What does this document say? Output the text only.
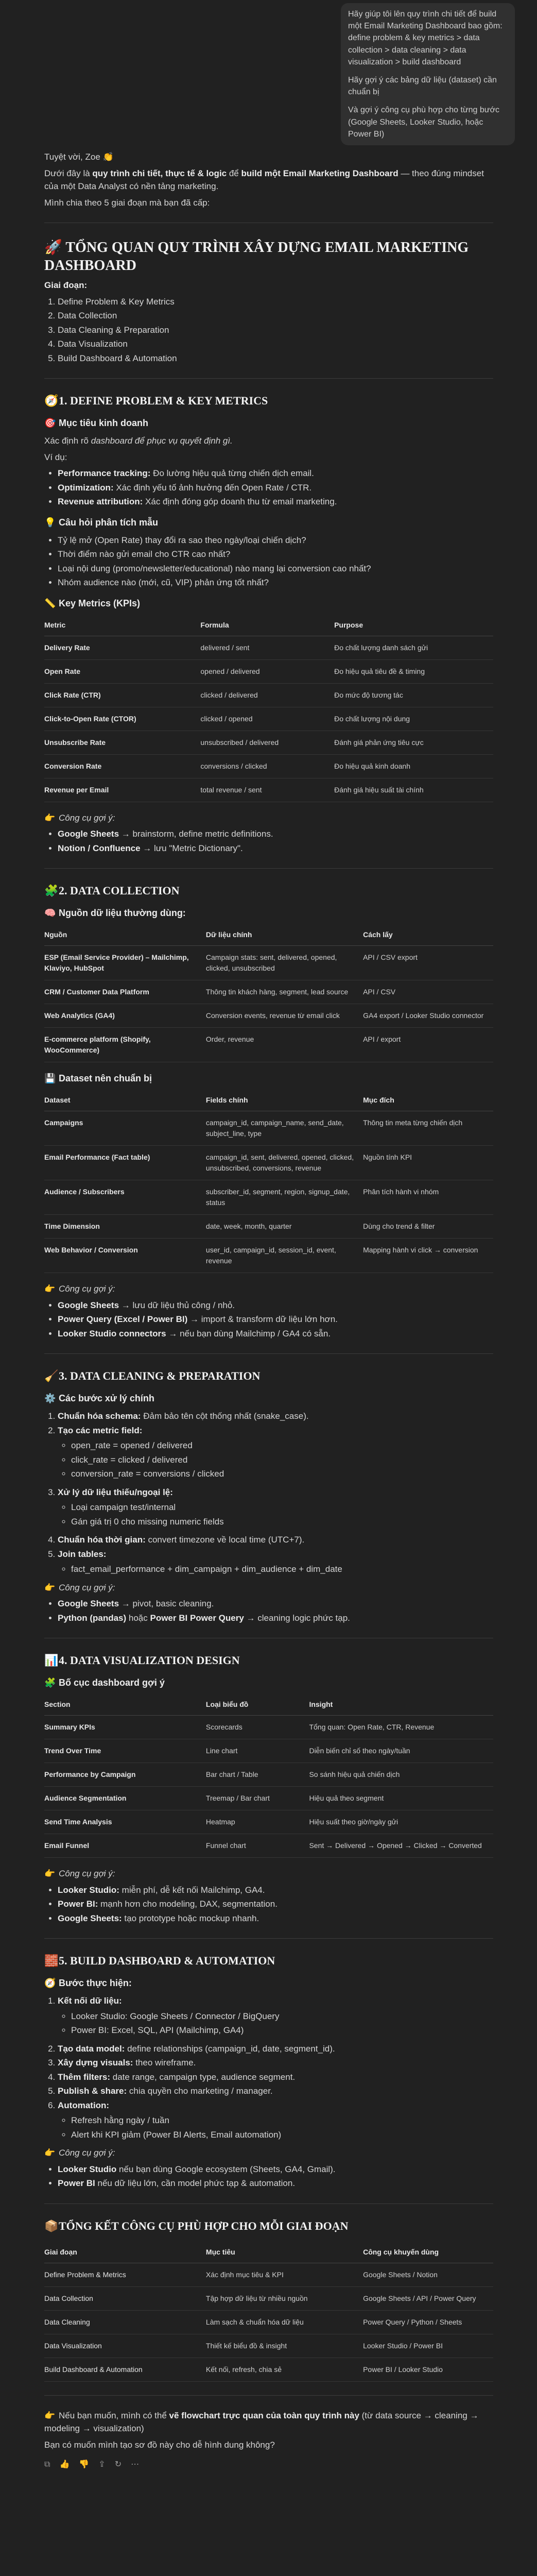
Hãy giúp tôi lên quy trình chi tiết để build một Email Marketing Dashboard bao gồm: define problem & key metrics > data collection > data cleaning > data visualization > build dashboard

Hãy gợi ý các bảng dữ liệu (dataset) cần chuẩn bị

Và gợi ý công cụ phù hợp cho từng bước (Google Sheets, Looker Studio, hoặc Power BI)

Tuyệt vời, Zoe 👏

Dưới đây là quy trình chi tiết, thực tế & logic để build một Email Marketing Dashboard — theo đúng mindset của một Data Analyst có nền tảng marketing.

Mình chia theo 5 giai đoạn mà bạn đã cấp:

🚀 TỔNG QUAN QUY TRÌNH XÂY DỰNG EMAIL MARKETING DASHBOARD

Giai đoạn:

1. Define Problem & Key Metrics
2. Data Collection
3. Data Cleaning & Preparation
4. Data Visualization
5. Build Dashboard & Automation
🧭1. DEFINE PROBLEM & KEY METRICS
🎯 Mục tiêu kinh doanh

Xác định rõ dashboard để phục vụ quyết định gì.

Ví dụ:

• Performance tracking: Đo lường hiệu quả từng chiến dịch email.
• Optimization: Xác định yếu tố ảnh hưởng đến Open Rate / CTR.
• Revenue attribution: Xác định đóng góp doanh thu từ email marketing.
💡 Câu hỏi phân tích mẫu
• Tỷ lệ mở (Open Rate) thay đổi ra sao theo ngày/loại chiến dịch?
• Thời điểm nào gửi email cho CTR cao nhất?
• Loại nội dung (promo/newsletter/educational) nào mang lại conversion cao nhất?
• Nhóm audience nào (mới, cũ, VIP) phản ứng tốt nhất?
📏 Key Metrics (KPIs)
Metric	Formula	Purpose
Delivery Rate	delivered / sent	Đo chất lượng danh sách gửi
Open Rate	opened / delivered	Đo hiệu quả tiêu đề & timing
Click Rate (CTR)	clicked / delivered	Đo mức độ tương tác
Click-to-Open Rate (CTOR)	clicked / opened	Đo chất lượng nội dung
Unsubscribe Rate	unsubscribed / delivered	Đánh giá phản ứng tiêu cực
Conversion Rate	conversions / clicked	Đo hiệu quả kinh doanh
Revenue per Email	total revenue / sent	Đánh giá hiệu suất tài chính

👉 Công cụ gợi ý:

• Google Sheets → brainstorm, define metric definitions.
• Notion / Confluence → lưu "Metric Dictionary".
🧩2. DATA COLLECTION
🧠 Nguồn dữ liệu thường dùng:
Nguồn	Dữ liệu chính	Cách lấy
ESP (Email Service Provider) – Mailchimp, Klaviyo, HubSpot	Campaign stats: sent, delivered, opened, clicked, unsubscribed	API / CSV export
CRM / Customer Data Platform	Thông tin khách hàng, segment, lead source	API / CSV
Web Analytics (GA4)	Conversion events, revenue từ email click	GA4 export / Looker Studio connector
E-commerce platform (Shopify, WooCommerce)	Order, revenue	API / export
💾 Dataset nên chuẩn bị
Dataset	Fields chính	Mục đích
Campaigns	campaign_id, campaign_name, send_date, subject_line, type	Thông tin meta từng chiến dịch
Email Performance (Fact table)	campaign_id, sent, delivered, opened, clicked, unsubscribed, conversions, revenue	Nguồn tính KPI
Audience / Subscribers	subscriber_id, segment, region, signup_date, status	Phân tích hành vi nhóm
Time Dimension	date, week, month, quarter	Dùng cho trend & filter
Web Behavior / Conversion	user_id, campaign_id, session_id, event, revenue	Mapping hành vi click → conversion

👉 Công cụ gợi ý:

• Google Sheets → lưu dữ liệu thủ công / nhỏ.
• Power Query (Excel / Power BI) → import & transform dữ liệu lớn hơn.
• Looker Studio connectors → nếu bạn dùng Mailchimp / GA4 có sẵn.
🧹3. DATA CLEANING & PREPARATION
⚙️ Các bước xử lý chính
1. Chuẩn hóa schema: Đảm bảo tên cột thống nhất (snake_case).
2. Tạo các metric field:
◦ open_rate = opened / delivered
◦ click_rate = clicked / delivered
◦ conversion_rate = conversions / clicked
3. Xử lý dữ liệu thiếu/ngoại lệ:
◦ Loại campaign test/internal
◦ Gán giá trị 0 cho missing numeric fields
4. Chuẩn hóa thời gian: convert timezone về local time (UTC+7).
5. Join tables:
◦ fact_email_performance + dim_campaign + dim_audience + dim_date

👉 Công cụ gợi ý:

• Google Sheets → pivot, basic cleaning.
• Python (pandas) hoặc Power BI Power Query → cleaning logic phức tạp.
📊4. DATA VISUALIZATION DESIGN
🧩 Bố cục dashboard gợi ý
Section	Loại biểu đồ	Insight
Summary KPIs	Scorecards	Tổng quan: Open Rate, CTR, Revenue
Trend Over Time	Line chart	Diễn biến chỉ số theo ngày/tuần
Performance by Campaign	Bar chart / Table	So sánh hiệu quả chiến dịch
Audience Segmentation	Treemap / Bar chart	Hiệu quả theo segment
Send Time Analysis	Heatmap	Hiệu suất theo giờ/ngày gửi
Email Funnel	Funnel chart	Sent → Delivered → Opened → Clicked → Converted

👉 Công cụ gợi ý:

• Looker Studio: miễn phí, dễ kết nối Mailchimp, GA4.
• Power BI: mạnh hơn cho modeling, DAX, segmentation.
• Google Sheets: tạo prototype hoặc mockup nhanh.
🧱5. BUILD DASHBOARD & AUTOMATION
🧭 Bước thực hiện:
1. Kết nối dữ liệu:
◦ Looker Studio: Google Sheets / Connector / BigQuery
◦ Power BI: Excel, SQL, API (Mailchimp, GA4)
2. Tạo data model: define relationships (campaign_id, date, segment_id).
3. Xây dựng visuals: theo wireframe.
4. Thêm filters: date range, campaign type, audience segment.
5. Publish & share: chia quyền cho marketing / manager.
6. Automation:
◦ Refresh hằng ngày / tuần
◦ Alert khi KPI giảm (Power BI Alerts, Email automation)

👉 Công cụ gợi ý:

• Looker Studio nếu bạn dùng Google ecosystem (Sheets, GA4, Gmail).
• Power BI nếu dữ liệu lớn, cần model phức tạp & automation.
📦TỔNG KẾT CÔNG CỤ PHÙ HỢP CHO MỖI GIAI ĐOẠN
Giai đoạn	Mục tiêu	Công cụ khuyến dùng
Define Problem & Metrics	Xác định mục tiêu & KPI	Google Sheets / Notion
Data Collection	Tập hợp dữ liệu từ nhiều nguồn	Google Sheets / API / Power Query
Data Cleaning	Làm sạch & chuẩn hóa dữ liệu	Power Query / Python / Sheets
Data Visualization	Thiết kế biểu đồ & insight	Looker Studio / Power BI
Build Dashboard & Automation	Kết nối, refresh, chia sẻ	Power BI / Looker Studio

👉 Nếu bạn muốn, mình có thể vẽ flowchart trực quan của toàn quy trình này (từ data source → cleaning → modeling → visualization)

Bạn có muốn mình tạo sơ đồ này cho dễ hình dung không?

⧉ 👍 👎 ⇪ ↻ ⋯
